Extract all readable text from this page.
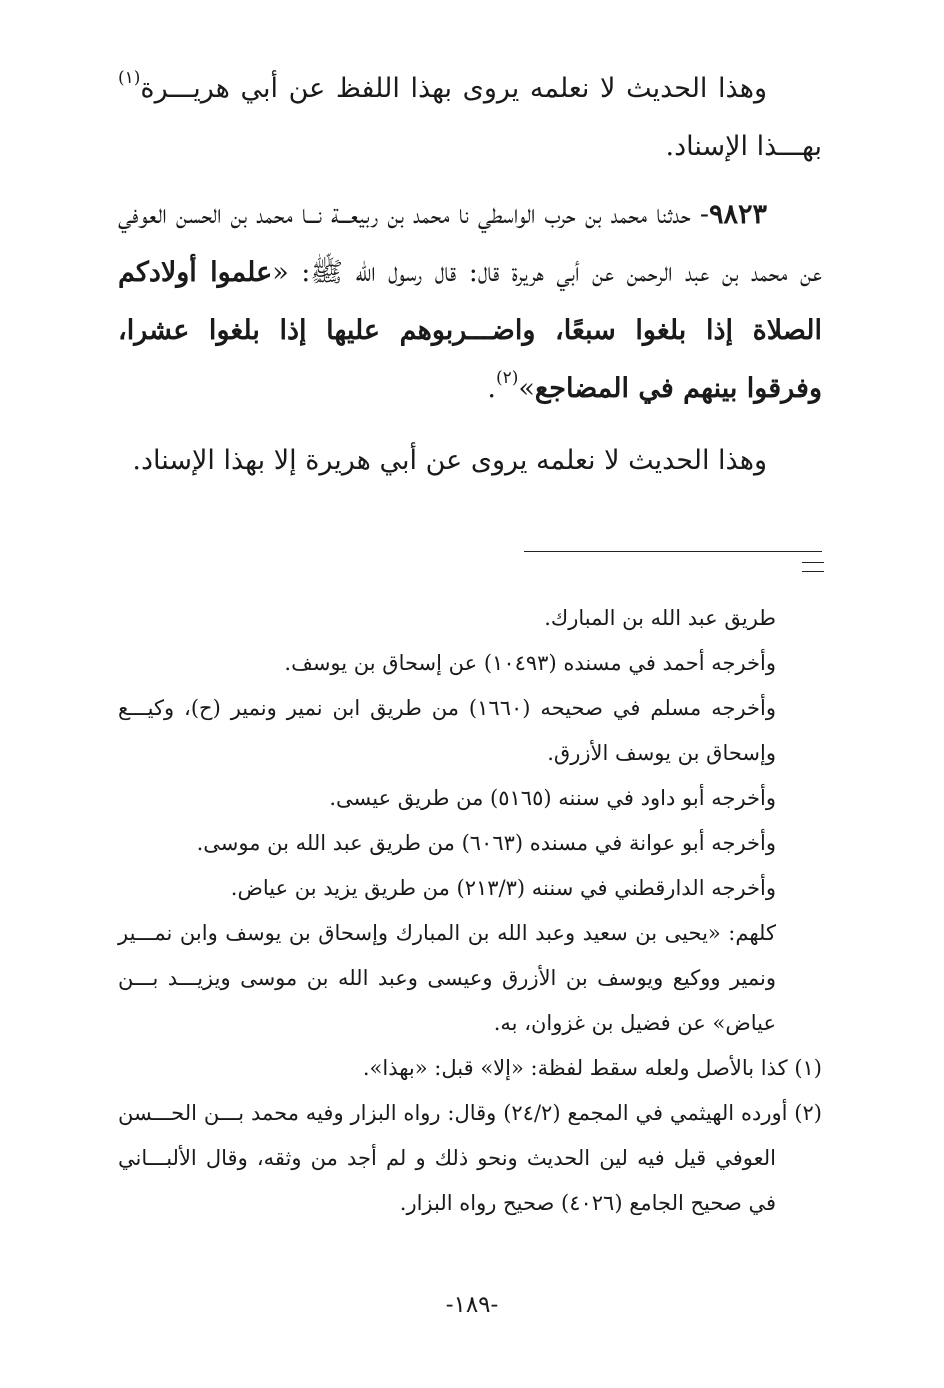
وهذا الحديث لا نعلمه يروى بهذا اللفظ عن أبي هريـــرة$^{(١)}$ بهـــذا الإسناد.

٩٨٢٣- حدثنا محمد بن حرب الواسطي نا محمد بن ربيعـــة نـــا محمد بن الحسن العوفي عن محمد بن عبد الرحمن عن أبي هريرة قال: قال رسول الله ﷺ: «علموا أولادكم الصلاة إذا بلغوا سبعًا، واضـــربوهم عليها إذا بلغوا عشرا، وفرقوا بينهم في المضاجع»$^{(٢)}$.

وهذا الحديث لا نعلمه يروى عن أبي هريرة إلا بهذا الإسناد.

طريق عبد الله بن المبارك.

وأخرجه أحمد في مسنده (١٠٤٩٣) عن إسحاق بن يوسف.

وأخرجه مسلم في صحيحه (١٦٦٠) من طريق ابن نمير ونمير (ح)، وكيـــع وإسحاق بن يوسف الأزرق.

وأخرجه أبو داود في سننه (٥١٦٥) من طريق عيسى.

وأخرجه أبو عوانة في مسنده (٦٠٦٣) من طريق عبد الله بن موسى.

وأخرجه الدارقطني في سننه (٢١٣/٣) من طريق يزيد بن عياض.

كلهم: «يحيى بن سعيد وعبد الله بن المبارك وإسحاق بن يوسف وابن نمـــير ونمير ووكيع ويوسف بن الأزرق وعيسى وعبد الله بن موسى ويزيـــد بـــن عياض» عن فضيل بن غزوان، به.

(١) كذا بالأصل ولعله سقط لفظة: «إلا» قبل: «بهذا».

(٢) أورده الهيثمي في المجمع (٢٤/٢) وقال: رواه البزار وفيه محمد بـــن الحـــسن العوفي قيل فيه لين الحديث ونحو ذلك و لم أجد من وثقه، وقال الألبـــاني في صحيح الجامع (٤٠٢٦) صحيح رواه البزار.

-١٨٩-
